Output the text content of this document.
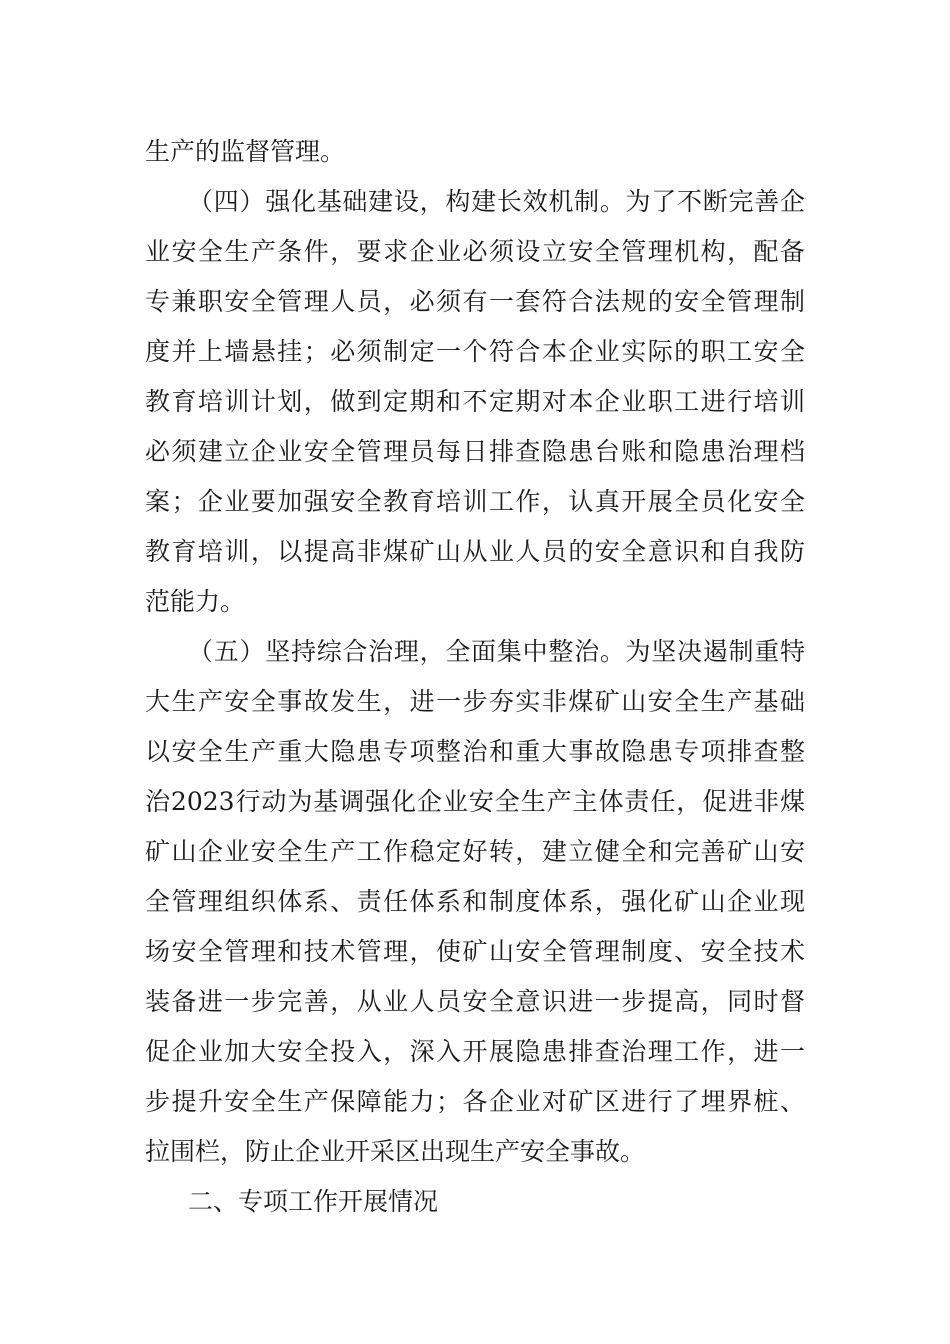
生产的监督管理。
（四）强化基础建设，构建长效机制。为了不断完善企
业安全生产条件，要求企业必须设立安全管理机构，配备
专兼职安全管理人员，必须有一套符合法规的安全管理制
度并上墙悬挂；必须制定一个符合本企业实际的职工安全
教育培训计划，做到定期和不定期对本企业职工进行培训
必须建立企业安全管理员每日排查隐患台账和隐患治理档
案；企业要加强安全教育培训工作，认真开展全员化安全
教育培训，以提高非煤矿山从业人员的安全意识和自我防
范能力。
（五）坚持综合治理，全面集中整治。为坚决遏制重特
大生产安全事故发生，进一步夯实非煤矿山安全生产基础
以安全生产重大隐患专项整治和重大事故隐患专项排查整
治2023行动为基调强化企业安全生产主体责任，促进非煤
矿山企业安全生产工作稳定好转，建立健全和完善矿山安
全管理组织体系、责任体系和制度体系，强化矿山企业现
场安全管理和技术管理，使矿山安全管理制度、安全技术
装备进一步完善，从业人员安全意识进一步提高，同时督
促企业加大安全投入，深入开展隐患排查治理工作，进一
步提升安全生产保障能力；各企业对矿区进行了埋界桩、
拉围栏，防止企业开采区出现生产安全事故。
二、专项工作开展情况
